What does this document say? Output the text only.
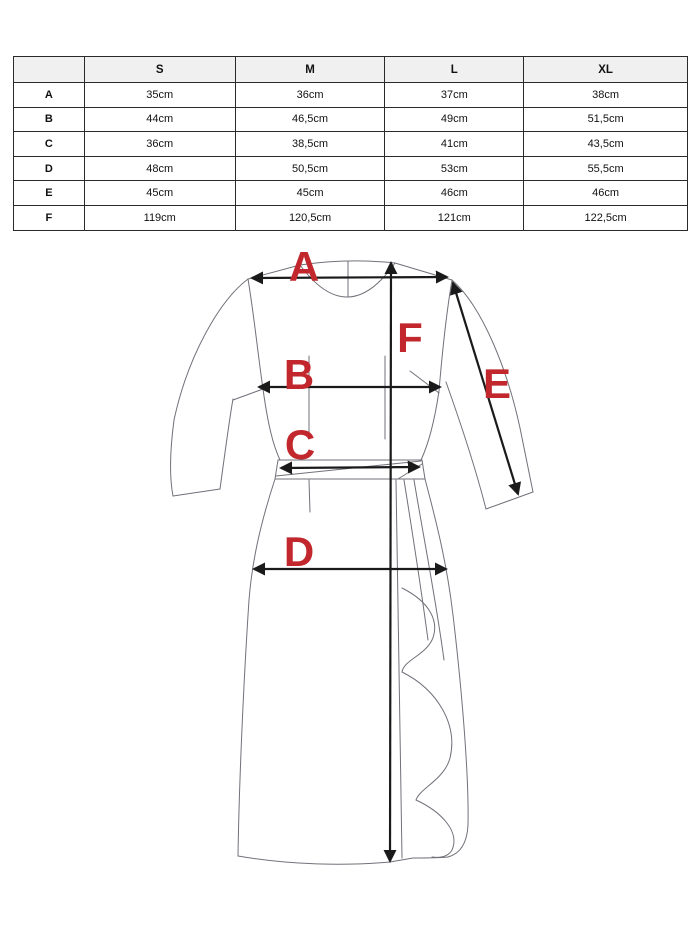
	S	M	L	XL
A	35cm	36cm	37cm	38cm
B	44cm	46,5cm	49cm	51,5cm
C	36cm	38,5cm	41cm	43,5cm
D	48cm	50,5cm	53cm	55,5cm
E	45cm	45cm	46cm	46cm
F	119cm	120,5cm	121cm	122,5cm
A
B
C
D
E
F
